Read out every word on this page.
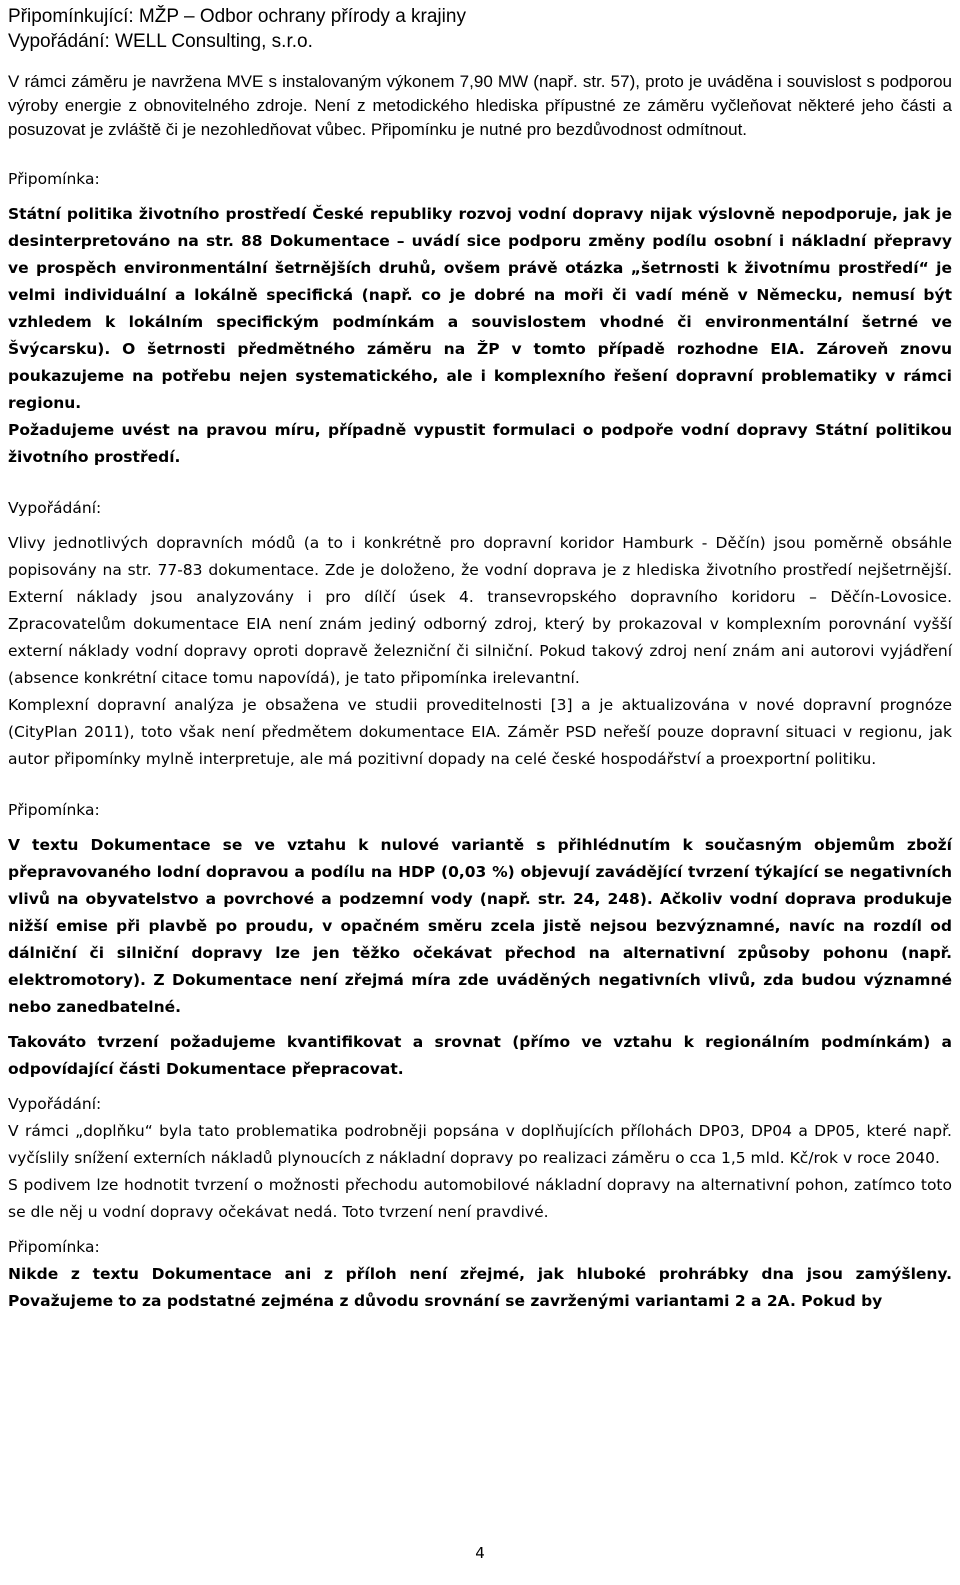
Připomínkující: MŽP – Odbor ochrany přírody a krajiny
Vypořádání: WELL Consulting, s.r.o.

V rámci záměru je navržena MVE s instalovaným výkonem 7,90 MW (např. str. 57), proto je uváděna i souvislost s podporou výroby energie z obnovitelného zdroje. Není z metodického hlediska přípustné ze záměru vyčleňovat některé jeho části a posuzovat je zvláště či je nezohledňovat vůbec. Připomínku je nutné pro bezdůvodnost odmítnout.

Připomínka:

Státní politika životního prostředí České republiky rozvoj vodní dopravy nijak výslovně nepodporuje, jak je desinterpretováno na str. 88 Dokumentace – uvádí sice podporu změny podílu osobní i nákladní přepravy ve prospěch environmentální šetrnějších druhů, ovšem právě otázka „šetrnosti k životnímu prostředí“ je velmi individuální a lokálně specifická (např. co je dobré na moři či vadí méně v Německu, nemusí být vzhledem k lokálním specifickým podmínkám a souvislostem vhodné či environmentální šetrné ve Švýcarsku). O šetrnosti předmětného záměru na ŽP v tomto případě rozhodne EIA. Zároveň znovu poukazujeme na potřebu nejen systematického, ale i komplexního řešení dopravní problematiky v rámci regionu.

Požadujeme uvést na pravou míru, případně vypustit formulaci o podpoře vodní dopravy Státní politikou životního prostředí.

Vypořádání:

Vlivy jednotlivých dopravních módů (a to i konkrétně pro dopravní koridor Hamburk - Děčín) jsou poměrně obsáhle popisovány na str. 77-83 dokumentace. Zde je doloženo, že vodní doprava je z hlediska životního prostředí nejšetrnější. Externí náklady jsou analyzovány i pro dílčí úsek 4. transevropského dopravního koridoru – Děčín-Lovosice. Zpracovatelům dokumentace EIA není znám jediný odborný zdroj, který by prokazoval v komplexním porovnání vyšší externí náklady vodní dopravy oproti dopravě železniční či silniční. Pokud takový zdroj není znám ani autorovi vyjádření (absence konkrétní citace tomu napovídá), je tato připomínka irelevantní.

Komplexní dopravní analýza je obsažena ve studii proveditelnosti [3] a je aktualizována v nové dopravní prognóze (CityPlan 2011), toto však není předmětem dokumentace EIA. Záměr PSD neřeší pouze dopravní situaci v regionu, jak autor připomínky mylně interpretuje, ale má pozitivní dopady na celé české hospodářství a proexportní politiku.

Připomínka:

V textu Dokumentace se ve vztahu k nulové variantě s přihlédnutím k současným objemům zboží přepravovaného lodní dopravou a podílu na HDP (0,03 %) objevují zavádějící tvrzení týkající se negativních vlivů na obyvatelstvo a povrchové a podzemní vody (např. str. 24, 248). Ačkoliv vodní doprava produkuje nižší emise při plavbě po proudu, v opačném směru zcela jistě nejsou bezvýznamné, navíc na rozdíl od dálniční či silniční dopravy lze jen těžko očekávat přechod na alternativní způsoby pohonu (např. elektromotory). Z Dokumentace není zřejmá míra zde uváděných negativních vlivů, zda budou významné nebo zanedbatelné.

Takováto tvrzení požadujeme kvantifikovat a srovnat (přímo ve vztahu k regionálním podmínkám) a odpovídající části Dokumentace přepracovat.

Vypořádání:

V rámci „doplňku“ byla tato problematika podrobněji popsána v doplňujících přílohách DP03, DP04 a DP05, které např. vyčíslily snížení externích nákladů plynoucích z nákladní dopravy po realizaci záměru o cca 1,5 mld. Kč/rok v roce 2040.

S podivem lze hodnotit tvrzení o možnosti přechodu automobilové nákladní dopravy na alternativní pohon, zatímco toto se dle něj u vodní dopravy očekávat nedá. Toto tvrzení není pravdivé.

Připomínka:

Nikde z textu Dokumentace ani z příloh není zřejmé, jak hluboké prohrábky dna jsou zamýšleny. Považujeme to za podstatné zejména z důvodu srovnání se zavrženými variantami 2 a 2A. Pokud by

4
